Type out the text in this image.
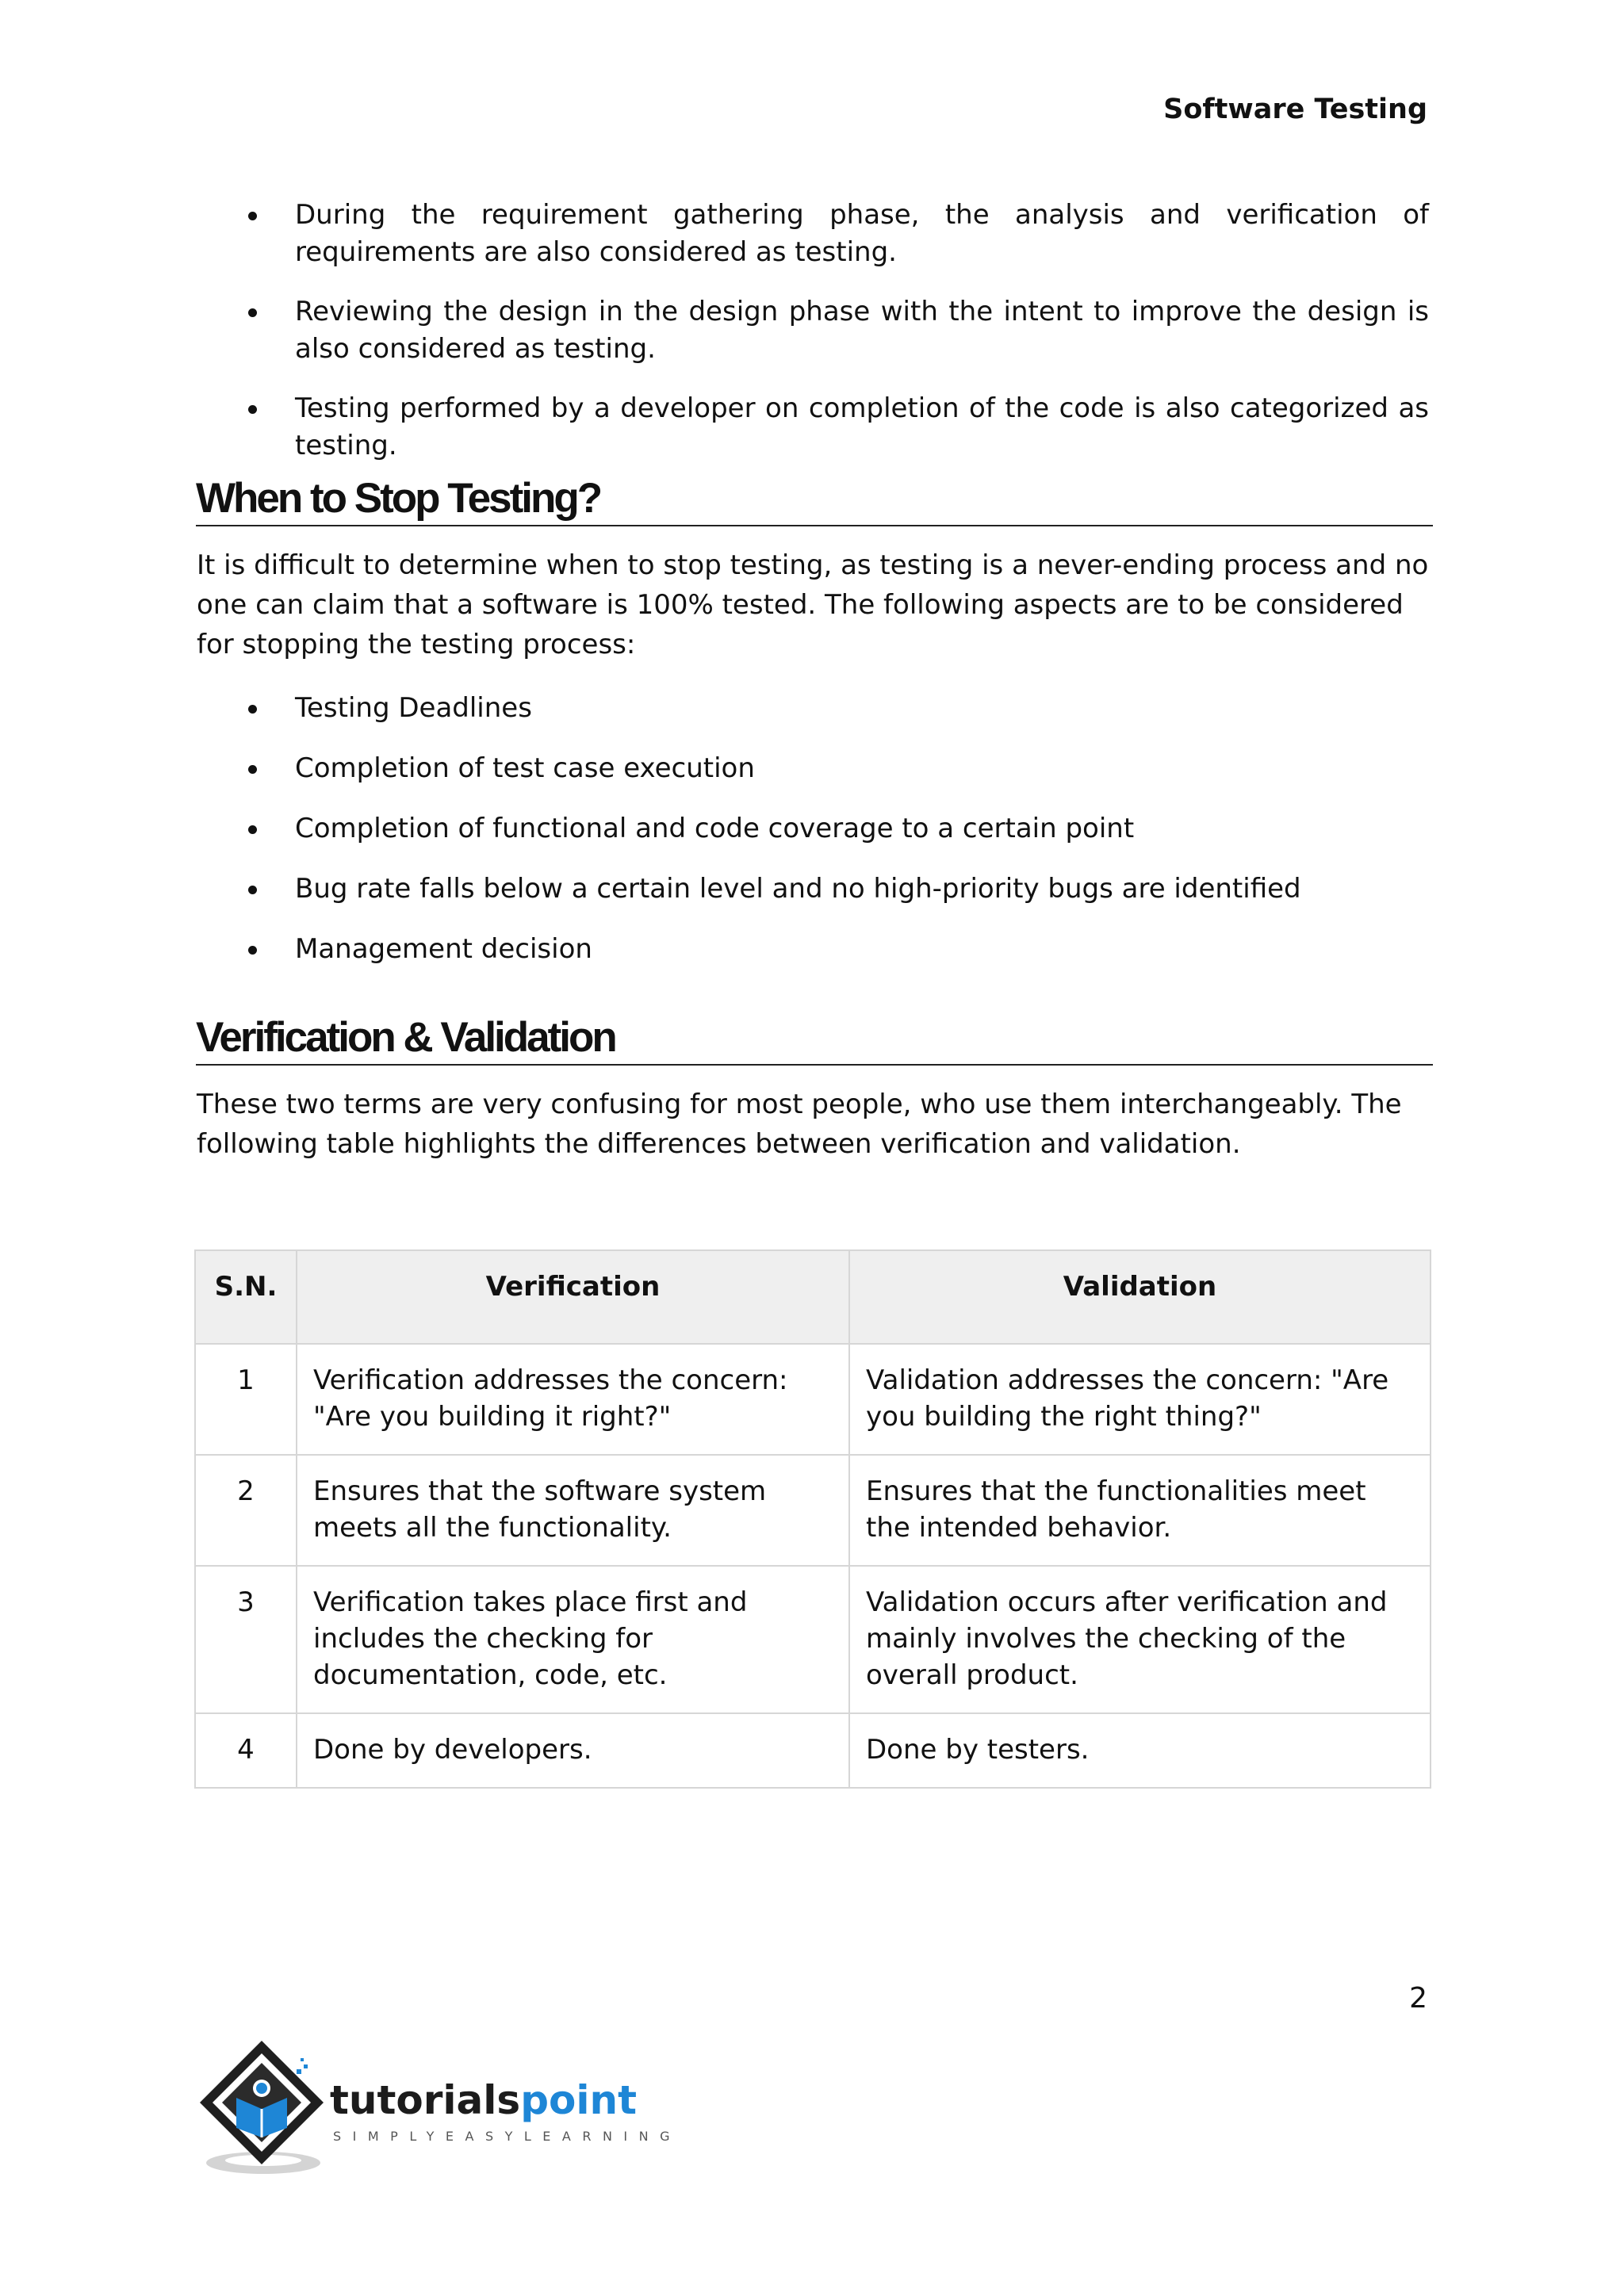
Software Testing
During the requirement gathering phase, the analysis and verification of requirements are also considered as testing.
Reviewing the design in the design phase with the intent to improve the design is also considered as testing.
Testing performed by a developer on completion of the code is also categorized as testing.
When to Stop Testing?

It is difficult to determine when to stop testing, as testing is a never-ending process and no one can claim that a software is 100% tested. The following aspects are to be considered for stopping the testing process:

Testing Deadlines
Completion of test case execution
Completion of functional and code coverage to a certain point
Bug rate falls below a certain level and no high-priority bugs are identified
Management decision
Verification & Validation

These two terms are very confusing for most people, who use them interchangeably. The following table highlights the differences between verification and validation.

S.N.	Verification	Validation
1	Verification addresses the concern: "Are you building it right?"	Validation addresses the concern: "Are you building the right thing?"
2	Ensures that the software system meets all the functionality.	Ensures that the functionalities meet the intended behavior.
3	Verification takes place first and includes the checking for documentation, code, etc.	Validation occurs after verification and mainly involves the checking of the overall product.
4	Done by developers.	Done by testers.
2
tutorialspoint
SIMPLYEASYLEARNING
